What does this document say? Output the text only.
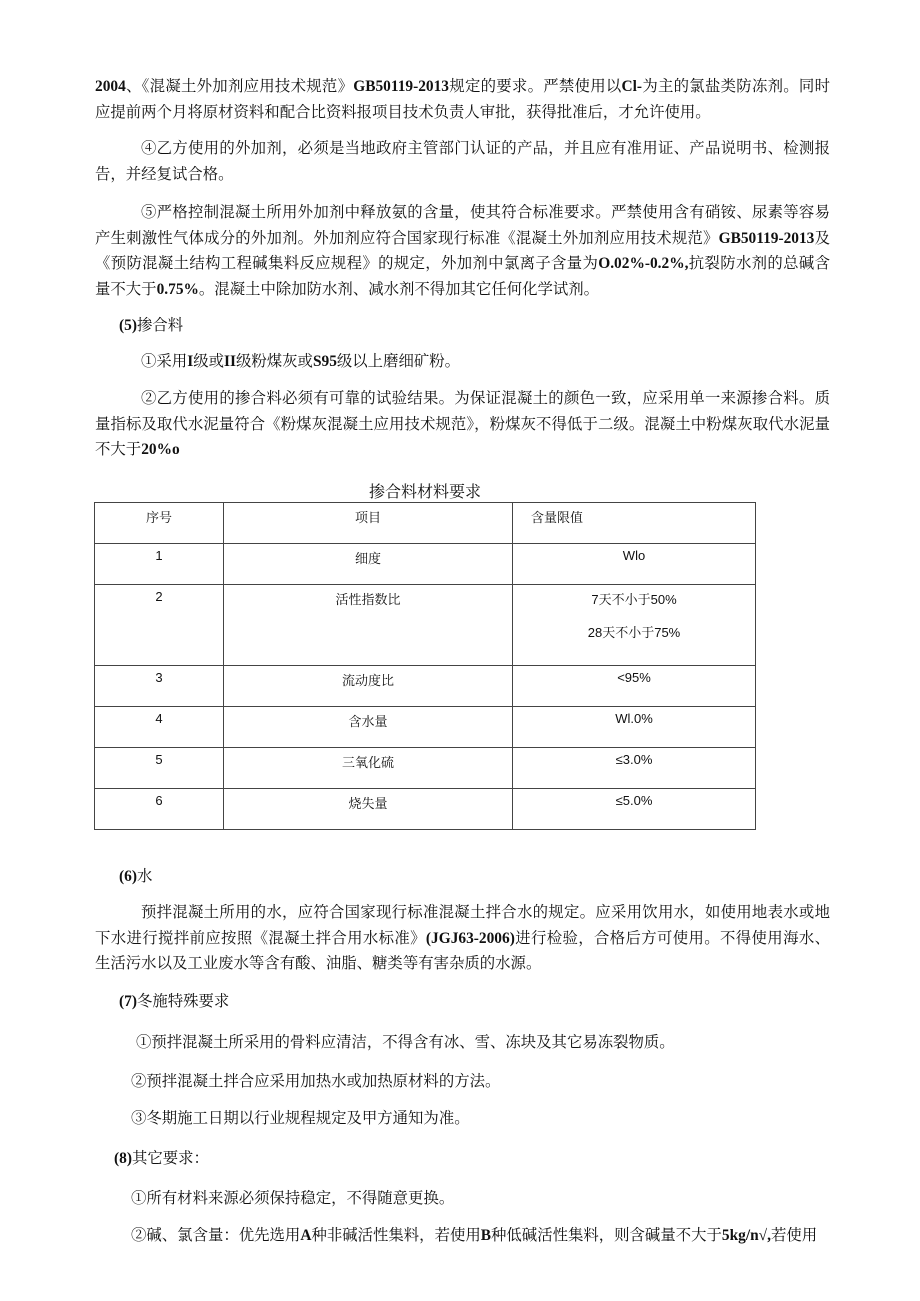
掺合料材料要求
序号	项目	含量限值
1	细度	Wlo
2	活性指数比	7天不小于50%
28天不小于75%

3	流动度比	<95%
4	含水量	Wl.0%
5	三氧化硫	≤3.0%
6	烧失量	≤5.0%
2004、《混凝土外加剂应用技术规范》GB50119-2013规定的要求。严禁使用以Cl-为主的氯盐类防冻剂。同时应提前两个月将原材资料和配合比资料报项目技术负责人审批，获得批准后，才允许使用。
④乙方使用的外加剂，必须是当地政府主管部门认证的产品，并且应有准用证、产品说明书、检测报告，并经复试合格。
⑤严格控制混凝土所用外加剂中释放氨的含量，使其符合标准要求。严禁使用含有硝铵、尿素等容易产生刺激性气体成分的外加剂。外加剂应符合国家现行标准《混凝土外加剂应用技术规范》GB50119-2013及《预防混凝土结构工程碱集料反应规程》的规定，外加剂中氯离子含量为O.02%-0.2%,抗裂防水剂的总碱含量不大于0.75%。混凝土中除加防水剂、减水剂不得加其它任何化学试剂。
(5)掺合料
①采用I级或II级粉煤灰或S95级以上磨细矿粉。
②乙方使用的掺合料必须有可靠的试验结果。为保证混凝土的颜色一致，应采用单一来源掺合料。质量指标及取代水泥量符合《粉煤灰混凝土应用技术规范》，粉煤灰不得低于二级。混凝土中粉煤灰取代水泥量不大于20%o
(6)水
预拌混凝土所用的水，应符合国家现行标准混凝土拌合水的规定。应采用饮用水，如使用地表水或地下水进行搅拌前应按照《混凝土拌合用水标准》(JGJ63-2006)进行检验，合格后方可使用。不得使用海水、生活污水以及工业废水等含有酸、油脂、糖类等有害杂质的水源。
(7)冬施特殊要求
①预拌混凝土所采用的骨料应清洁，不得含有冰、雪、冻块及其它易冻裂物质。
②预拌混凝土拌合应采用加热水或加热原材料的方法。
③冬期施工日期以行业规程规定及甲方通知为准。
(8)其它要求：
①所有材料来源必须保持稳定，不得随意更换。
②碱、氯含量：优先选用A种非碱活性集料，若使用B种低碱活性集料，则含碱量不大于5kg/n√,若使用
